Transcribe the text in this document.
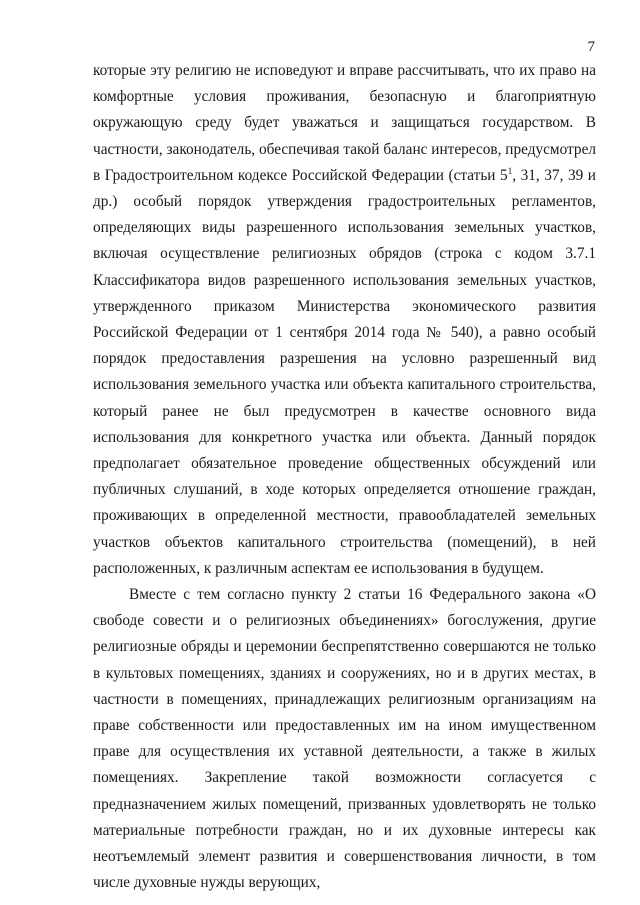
7

которые эту религию не исповедуют и вправе рассчитывать, что их право на комфортные условия проживания, безопасную и благоприятную окружающую среду будет уважаться и защищаться государством. В частности, законодатель, обеспечивая такой баланс интересов, предусмотрел в Градостроительном кодексе Российской Федерации (статьи $5^1$, 31, 37, 39 и др.) особый порядок утверждения градостроительных регламентов, определяющих виды разрешенного использования земельных участков, включая осуществление религиозных обрядов (строка с кодом 3.7.1 Классификатора видов разрешенного использования земельных участков, утвержденного приказом Министерства экономического развития Российской Федерации от 1 сентября 2014 года № 540), а равно особый порядок предоставления разрешения на условно разрешенный вид использования земельного участка или объекта капитального строительства, который ранее не был предусмотрен в качестве основного вида использования для конкретного участка или объекта. Данный порядок предполагает обязательное проведение общественных обсуждений или публичных слушаний, в ходе которых определяется отношение граждан, проживающих в определенной местности, правообладателей земельных участков объектов капитального строительства (помещений), в ней расположенных, к различным аспектам ее использования в будущем.

Вместе с тем согласно пункту 2 статьи 16 Федерального закона «О свободе совести и о религиозных объединениях» богослужения, другие религиозные обряды и церемонии беспрепятственно совершаются не только в культовых помещениях, зданиях и сооружениях, но и в других местах, в частности в помещениях, принадлежащих религиозным организациям на праве собственности или предоставленных им на ином имущественном праве для осуществления их уставной деятельности, а также в жилых помещениях. Закрепление такой возможности согласуется с предназначением жилых помещений, призванных удовлетворять не только материальные потребности граждан, но и их духовные интересы как неотъемлемый элемент развития и совершенствования личности, в том числе духовные нужды верующих,
